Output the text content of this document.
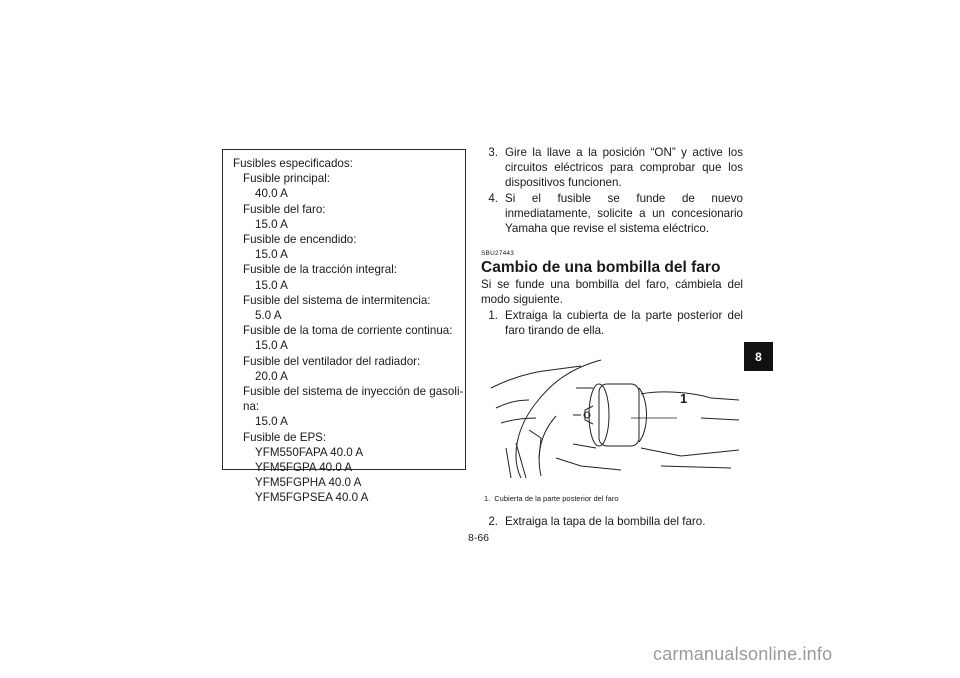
Fusibles especificados:
Fusible principal:
40.0 A
Fusible del faro:
15.0 A
Fusible de encendido:
15.0 A
Fusible de la tracción integral:
15.0 A
Fusible del sistema de intermitencia:
5.0 A
Fusible de la toma de corriente continua:
15.0 A
Fusible del ventilador del radiador:
20.0 A
Fusible del sistema de inyección de gasoli-
na:
15.0 A
Fusible de EPS:
YFM550FAPA 40.0 A
YFM5FGPA 40.0 A
YFM5FGPHA 40.0 A
YFM5FGPSEA 40.0 A
3. Gire la llave a la posición “ON” y active los circuitos eléctricos para comprobar que los dispositivos funcionen.
4. Si el fusible se funde de nuevo inmediatamente, solicite a un concesionario Yamaha que revise el sistema eléctrico.
SBU27443
Cambio de una bombilla del faro
Si se funde una bombilla del faro, cámbiela del modo siguiente.
1. Extraiga la cubierta de la parte posterior del faro tirando de ella.
1
1. Cubierta de la parte posterior del faro
2. Extraiga la tapa de la bombilla del faro.
8-66
8
carmanualsonline.info
